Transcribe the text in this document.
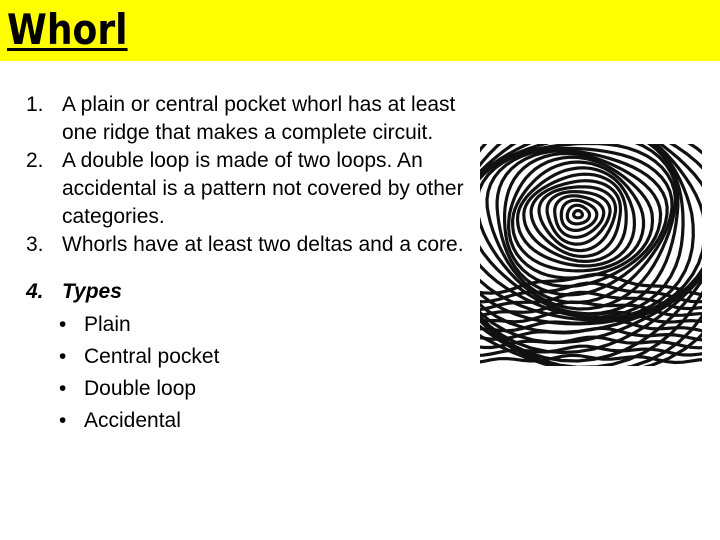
Whorl
1. A plain or central pocket whorl has at least one ridge that makes a complete circuit.
2. A double loop is made of two loops. An accidental is a pattern not covered by other categories.
3. Whorls have at least two deltas and a core.
4. Types
• Plain
• Central pocket
• Double loop
• Accidental
